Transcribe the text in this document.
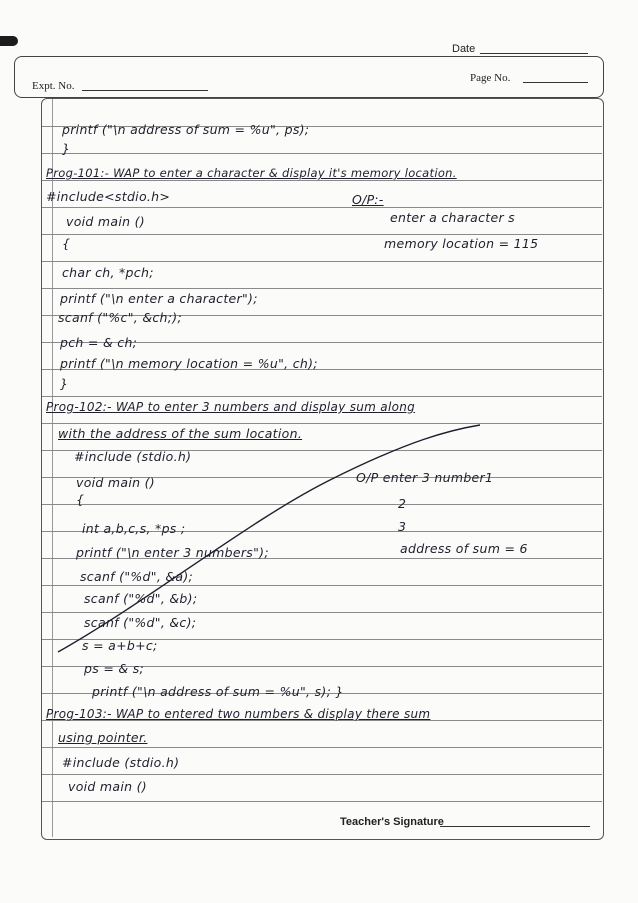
Date
Expt. No.
Page No.
printf ("\n address of sum = %u", ps);
}
Prog-101:- WAP to enter a character & display it's memory location.
#include<stdio.h>	O/P:-
void main ()	enter a character s
{	memory location = 115
char ch, *pch;
printf ("\n enter a character");
scanf ("%c", &ch;);
pch = & ch;
printf ("\n memory location = %u", ch);
}
Prog-102:- WAP to enter 3 numbers and display sum along
with the address of the sum location.
#include (stdio.h)
void main ()	O/P enter 3 number1
{	2
int a,b,c,s, *ps ;	3
printf ("\n enter 3 numbers");	address of sum = 6
scanf ("%d", &a);
scanf ("%d", &b);
scanf ("%d", &c);
s = a+b+c;
ps = & s;
printf ("\n address of sum = %u", s); }
Prog-103:- WAP to entered two numbers & display there sum
using pointer.
#include (stdio.h)
void main ()
Teacher's Signature
